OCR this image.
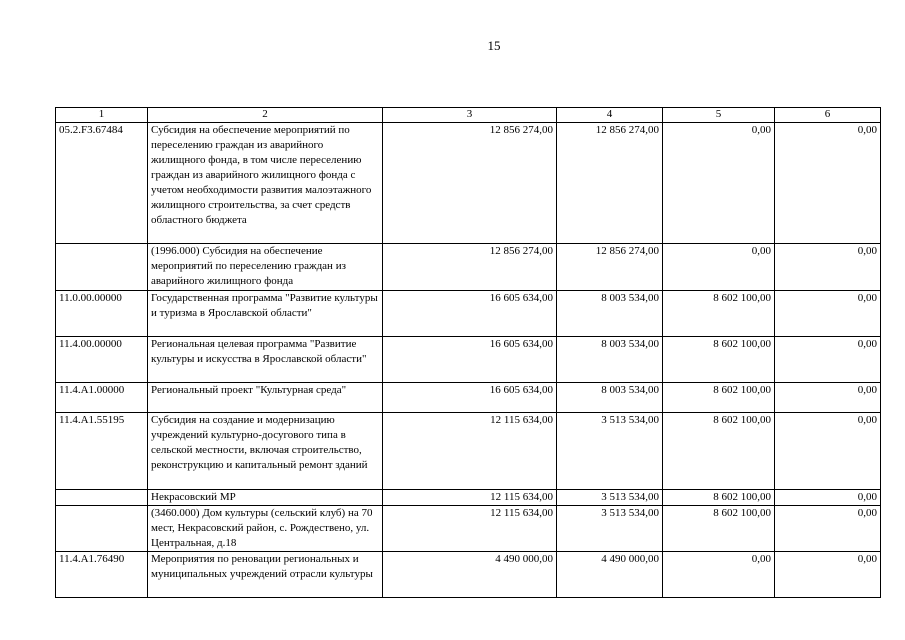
15
1	2	3	4	5	6
05.2.F3.67484	Субсидия на обеспечение мероприятий по переселению граждан из аварийного жилищного фонда, в том числе переселению граждан из аварийного жилищного фонда с учетом необходимости развития малоэтажного жилищного строительства, за счет средств областного бюджета	12 856 274,00	12 856 274,00	0,00	0,00
	(1996.000) Субсидия на обеспечение мероприятий по переселению граждан из аварийного жилищного фонда	12 856 274,00	12 856 274,00	0,00	0,00
11.0.00.00000	Государственная программа "Развитие культуры и туризма в Ярославской области"	16 605 634,00	8 003 534,00	8 602 100,00	0,00
11.4.00.00000	Региональная целевая программа "Развитие культуры и искусства в Ярославской области"	16 605 634,00	8 003 534,00	8 602 100,00	0,00
11.4.A1.00000	Региональный проект "Культурная среда"	16 605 634,00	8 003 534,00	8 602 100,00	0,00
11.4.A1.55195	Субсидия на создание и модернизацию учреждений культурно-досугового типа в сельской местности, включая строительство, реконструкцию и капитальный ремонт зданий	12 115 634,00	3 513 534,00	8 602 100,00	0,00
	Некрасовский МР	12 115 634,00	3 513 534,00	8 602 100,00	0,00
	(3460.000) Дом культуры (сельский клуб) на 70 мест, Некрасовский район, с. Рождествено, ул. Центральная, д.18	12 115 634,00	3 513 534,00	8 602 100,00	0,00
11.4.A1.76490	Мероприятия по реновации региональных и муниципальных учреждений отрасли культуры	4 490 000,00	4 490 000,00	0,00	0,00
